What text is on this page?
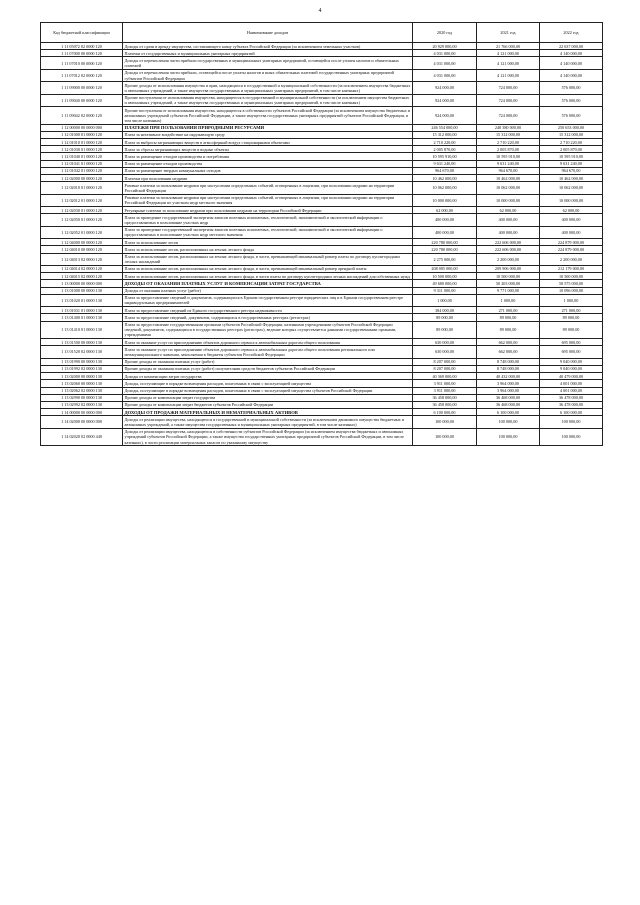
4
Код бюджетной классификации	Наименование доходов	2020 год	2021 год	2022 год
1 11 05072 02 0000 120	Доходы от сдачи в аренду имущества, составляющего казну субъекта Российской Федерации (за исключением земельных участков)	20 929 000,00	21 766 000,00	22 637 000,00
1 11 07000 00 0000 120	Платежи от государственных и муниципальных унитарных предприятий	4 031 000,00	4 121 000,00	4 140 000,00
1 11 07010 00 0000 120	Доходы от перечисления части прибыли государственных и муниципальных унитарных предприятий, остающейся после уплаты налогов и обязательных платежей	4 031 000,00	4 121 000,00	4 140 000,00
1 11 07012 02 0000 120	Доходы от перечисления части прибыли, остающейся после уплаты налогов и иных обязательных платежей государственных унитарных предприятий субъектов Российской Федерации	4 031 000,00	4 121 000,00	4 140 000,00
1 11 09000 00 0000 120	Прочие доходы от использования имущества и прав, находящихся в государственной и муниципальной собственности (за исключением имущества бюджетных и автономных учреждений, а также имущества государственных и муниципальных унитарных предприятий, в том числе казенных)	924 000,00	724 000,00	576 000,00
1 11 09040 00 0000 120	Прочие поступления от использования имущества, находящегося в государственной и муниципальной собственности (за исключением имущества бюджетных и автономных учреждений, а также имущества государственных и муниципальных унитарных предприятий, в том числе казенных)	924 000,00	724 000,00	576 000,00
1 11 09042 02 0000 120	Прочие поступления от использования имущества, находящегося в собственности субъектов Российской Федерации (за исключением имущества бюджетных и автономных учреждений субъектов Российской Федерации, а также имущества государственных унитарных предприятий субъектов Российской Федерации, в том числе казенных)	924 000,00	724 000,00	576 000,00
1 12 00000 00 0000 000	ПЛАТЕЖИ ПРИ ПОЛЬЗОВАНИИ ПРИРОДНЫМИ РЕСУРСАМИ	246 554 000,00	248 380 000,00	250 653 000,00
1 12 01000 01 0000 120	Плата за негативное воздействие на окружающую среду	15 312 000,00	15 312 000,00	15 312 000,00
1 12 01010 01 0000 120	Плата за выбросы загрязняющих веществ в атмосферный воздух стационарными объектами	2 710 220,00	2 710 220,00	2 710 220,00
1 12 01030 01 0000 120	Плата за сбросы загрязняющих веществ в водные объекты	2 005 870,00	2 005 870,00	2 005 870,00
1 12 01040 01 0000 120	Плата за размещение отходов производства и потребления	10 595 910,00	10 595 910,00	10 595 910,00
1 12 01041 01 0000 120	Плата за размещение отходов производства	9 631 240,00	9 631 240,00	9 631 240,00
1 12 01042 01 0000 120	Плата за размещение твердых коммунальных отходов	964 670,00	964 670,00	964 670,00
1 12 02000 00 0000 120	Платежи при пользовании недрами	10 462 000,00	10 462 000,00	10 462 000,00
1 12 02010 01 0000 120	Разовые платежи за пользование недрами при наступлении определенных событий, оговоренных в лицензии, при пользовании недрами на территории Российской Федерации	10 062 000,00	10 062 000,00	10 062 000,00
1 12 02012 01 0000 120	Разовые платежи за пользование недрами при наступлении определенных событий, оговоренных в лицензии, при пользовании недрами на территории Российской Федерации по участкам недр местного значения	10 000 000,00	10 000 000,00	10 000 000,00
1 12 02030 01 0000 120	Регулярные платежи за пользование недрами при пользовании недрами на территории Российской Федерации	62 000,00	62 000,00	62 000,00
1 12 02050 01 0000 120	Плата за проведение государственной экспертизы запасов полезных ископаемых, геологической, экономической и экологической информации о предоставляемых в пользование участках недр	400 000,00	400 000,00	400 000,00
1 12 02052 01 0000 120	Плата за проведение государственной экспертизы запасов полезных ископаемых, геологической, экономической и экологической информации о предоставляемых в пользование участках недр местного значения	400 000,00	400 000,00	400 000,00
1 12 04000 00 0000 120	Плата за использование лесов	220 780 000,00	222 606 000,00	224 879 000,00
1 12 04010 00 0000 120	Плата за использование лесов, расположенных на землях лесного фонда	220 780 000,00	222 606 000,00	224 879 000,00
1 12 04013 02 0000 120	Плата за использование лесов, расположенных на землях лесного фонда, в части, превышающей минимальный размер платы по договору купли-продажи лесных насаждений	2 275 000,00	2 200 000,00	2 200 000,00
1 12 04014 02 0000 120	Плата за использование лесов, расположенных на землях лесного фонда, в части, превышающей минимальный размер арендной платы	208 005 000,00	209 906 000,00	212 179 000,00
1 12 04015 02 0000 120	Плата за использование лесов, расположенных на землях лесного фонда, в части платы по договору купли-продажи лесных насаждений для собственных нужд	10 500 000,00	10 500 000,00	10 500 000,00
1 13 00000 00 0000 000	ДОХОДЫ ОТ ОКАЗАНИЯ ПЛАТНЫХ УСЛУГ И КОМПЕНСАЦИИ ЗАТРАТ ГОСУДАРСТВА	49 680 000,00	50 203 000,00	50 575 000,00
1 13 01000 00 0000 130	Доходы от оказания платных услуг (работ)	9 311 000,00	9 771 000,00	10 096 000,00
1 13 01020 01 0000 130	Плата за предоставление сведений и документов, содержащихся в Едином государственном реестре юридических лиц и в Едином государственном реестре индивидуальных предпринимателей	1 000,00	1 000,00	1 000,00
1 13 01031 01 0000 130	Плата за предоставление сведений из Единого государственного реестра недвижимости	384 000,00	271 000,00	271 000,00
1 13 01400 01 0000 130	Плата за предоставление сведений, документов, содержащихся в государственных реестрах (регистрах)	89 000,00	89 000,00	89 000,00
1 13 01410 01 0000 130	Плата за предоставление государственными органами субъектов Российской Федерации, казенными учреждениями субъектов Российской Федерации сведений, документов, содержащихся в государственных реестрах (регистрах), ведение которых осуществляется данными государственными органами, учреждениями	89 000,00	89 000,00	89 000,00
1 13 01500 00 0000 130	Плата за оказание услуг по присоединению объектов дорожного сервиса к автомобильным дорогам общего пользования	630 000,00	662 000,00	695 000,00
1 13 01520 02 0000 130	Плата за оказание услуг по присоединению объектов дорожного сервиса к автомобильным дорогам общего пользования регионального или межмуниципального значения, зачисляемая в бюджеты субъектов Российской Федерации	630 000,00	662 000,00	695 000,00
1 13 01990 00 0000 130	Прочие доходы от оказания платных услуг (работ)	8 207 000,00	8 748 000,00	9 040 000,00
1 13 01992 02 0000 130	Прочие доходы от оказания платных услуг (работ) получателями средств бюджетов субъектов Российской Федерации	8 207 000,00	8 748 000,00	9 040 000,00
1 13 02000 00 0000 130	Доходы от компенсации затрат государства	40 369 000,00	40 432 000,00	40 479 000,00
1 13 02060 00 0000 130	Доходы, поступающие в порядке возмещения расходов, понесенных в связи с эксплуатацией имущества	3 911 000,00	3 964 000,00	4 001 000,00
1 13 02062 02 0000 130	Доходы, поступающие в порядке возмещения расходов, понесенных в связи с эксплуатацией имущества субъектов Российской Федерации	3 911 000,00	3 964 000,00	4 001 000,00
1 13 02990 00 0000 130	Прочие доходы от компенсации затрат государства	36 458 000,00	36 468 000,00	36 478 000,00
1 13 02992 02 0000 130	Прочие доходы от компенсации затрат бюджетов субъектов Российской Федерации	36 458 000,00	36 468 000,00	36 478 000,00
1 14 00000 00 0000 000	ДОХОДЫ ОТ ПРОДАЖИ МАТЕРИАЛЬНЫХ И НЕМАТЕРИАЛЬНЫХ АКТИВОВ	6 100 000,00	6 100 000,00	6 100 000,00
1 14 02000 00 0000 000	Доходы от реализации имущества, находящегося в государственной и муниципальной собственности (за исключением движимого имущества бюджетных и автономных учреждений, а также имущества государственных и муниципальных унитарных предприятий, в том числе казенных)	100 000,00	100 000,00	100 000,00
1 14 02020 02 0000 440	Доходы от реализации имущества, находящегося в собственности субъектов Российской Федерации (за исключением имущества бюджетных и автономных учреждений субъектов Российской Федерации, а также имущества государственных унитарных предприятий субъектов Российской Федерации, в том числе казенных), в части реализации материальных запасов по указанному имуществу	100 000,00	100 000,00	100 000,00
